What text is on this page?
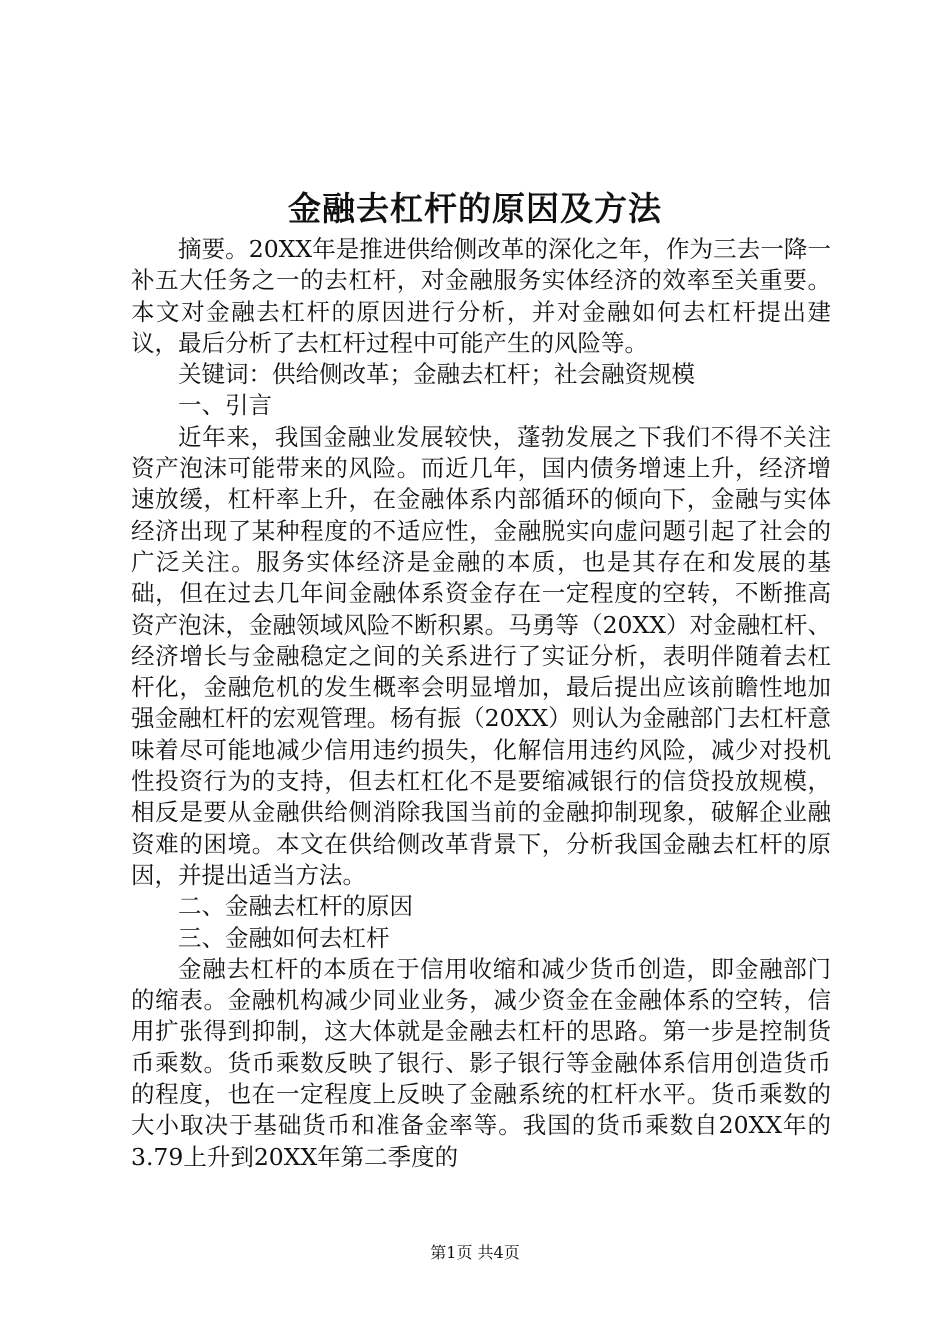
金融去杠杆的原因及方法

摘要。20XX年是推进供给侧改革的深化之年，作为三去一降一补五大任务之一的去杠杆，对金融服务实体经济的效率至关重要。本文对金融去杠杆的原因进行分析，并对金融如何去杠杆提出建议，最后分析了去杠杆过程中可能产生的风险等。

关键词：供给侧改革；金融去杠杆；社会融资规模

一、引言

近年来，我国金融业发展较快，蓬勃发展之下我们不得不关注资产泡沫可能带来的风险。而近几年，国内债务增速上升，经济增速放缓，杠杆率上升，在金融体系内部循环的倾向下，金融与实体经济出现了某种程度的不适应性，金融脱实向虚问题引起了社会的广泛关注。服务实体经济是金融的本质，也是其存在和发展的基础，但在过去几年间金融体系资金存在一定程度的空转，不断推高资产泡沫，金融领域风险不断积累。马勇等（20XX）对金融杠杆、经济增长与金融稳定之间的关系进行了实证分析，表明伴随着去杠杆化，金融危机的发生概率会明显增加，最后提出应该前瞻性地加强金融杠杆的宏观管理。杨有振（20XX）则认为金融部门去杠杆意味着尽可能地减少信用违约损失，化解信用违约风险，减少对投机性投资行为的支持，但去杠杠化不是要缩减银行的信贷投放规模，相反是要从金融供给侧消除我国当前的金融抑制现象，破解企业融资难的困境。本文在供给侧改革背景下，分析我国金融去杠杆的原因，并提出适当方法。

二、金融去杠杆的原因

三、金融如何去杠杆

金融去杠杆的本质在于信用收缩和减少货币创造，即金融部门的缩表。金融机构减少同业业务，减少资金在金融体系的空转，信用扩张得到抑制，这大体就是金融去杠杆的思路。第一步是控制货币乘数。货币乘数反映了银行、影子银行等金融体系信用创造货币的程度，也在一定程度上反映了金融系统的杠杆水平。货币乘数的大小取决于基础货币和准备金率等。我国的货币乘数自20XX年的3.79上升到20XX年第二季度的

第1页 共4页
